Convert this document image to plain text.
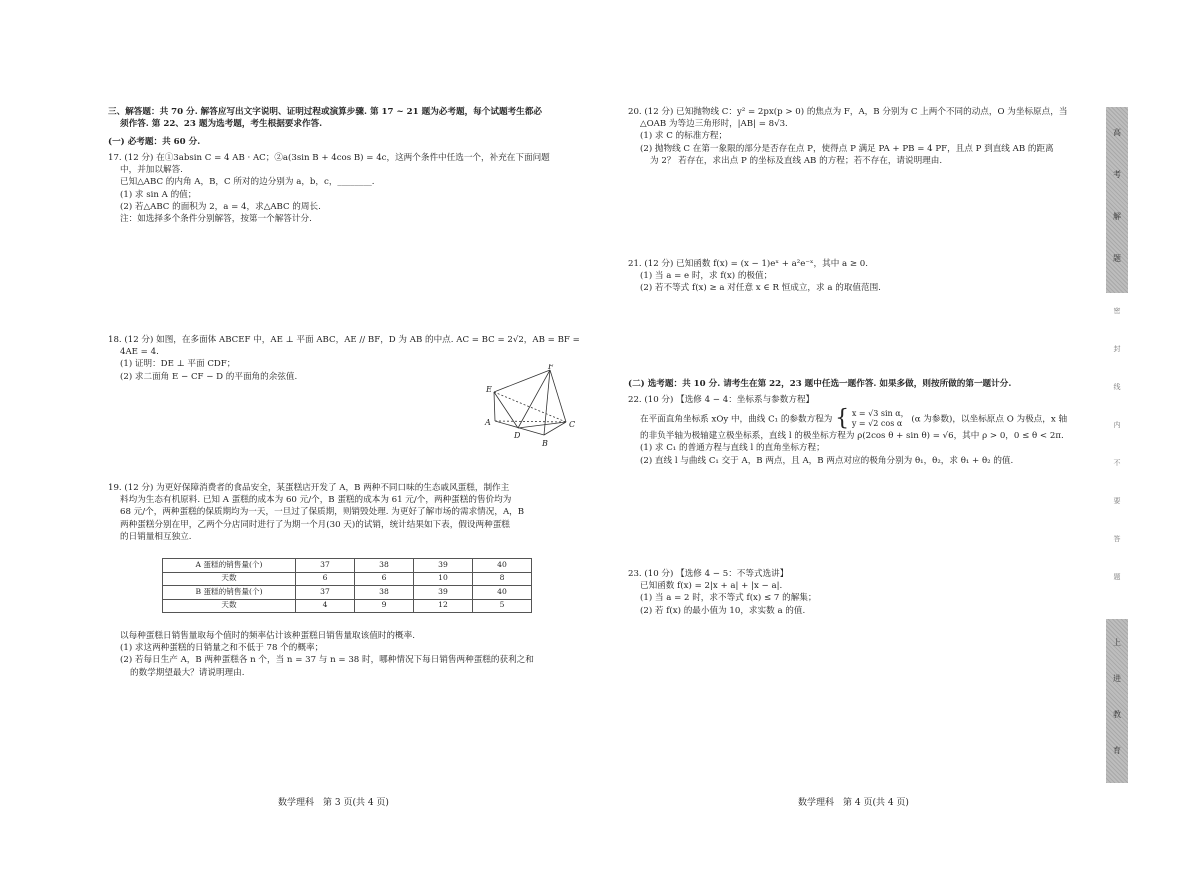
三、解答题：共 70 分. 解答应写出文字说明、证明过程或演算步骤. 第 17 ~ 21 题为必考题，每个试题考生都必
须作答. 第 22、23 题为选考题，考生根据要求作答.
(一) 必考题：共 60 分.
17. (12 分) 在①3absin C = 4 AB · AC；②a(3sin B + 4cos B) = 4c，这两个条件中任选一个，补充在下面问题
中，并加以解答.
已知△ABC 的内角 A，B，C 所对的边分别为 a，b，c，________.
(1) 求 sin A 的值；
(2) 若△ABC 的面积为 2，a = 4，求△ABC 的周长.
注：如选择多个条件分别解答，按第一个解答计分.
18. (12 分) 如图，在多面体 ABCEF 中，AE ⊥ 平面 ABC，AE // BF，D 为 AB 的中点. AC = BC = 2√2，AB = BF =
4AE = 4.
(1) 证明：DE ⊥ 平面 CDF；
(2) 求二面角 E − CF − D 的平面角的余弦值.
E
F
A
D
B
C
19. (12 分) 为更好保障消费者的食品安全，某蛋糕店开发了 A，B 两种不同口味的生态戚风蛋糕，制作主
料均为生态有机原料. 已知 A 蛋糕的成本为 60 元/个，B 蛋糕的成本为 61 元/个，两种蛋糕的售价均为
68 元/个，两种蛋糕的保质期均为一天，一旦过了保质期，则销毁处理. 为更好了解市场的需求情况，A，B
两种蛋糕分别在甲，乙两个分店同时进行了为期一个月(30 天)的试销，统计结果如下表，假设两种蛋糕
的日销量相互独立.
A 蛋糕的销售量(个)	37	38	39	40
天数	6	6	10	8
B 蛋糕的销售量(个)	37	38	39	40
天数	4	9	12	5
以每种蛋糕日销售量取每个值时的频率估计该种蛋糕日销售量取该值时的概率.
(1) 求这两种蛋糕的日销量之和不低于 78 个的概率；
(2) 若每日生产 A，B 两种蛋糕各 n 个，当 n = 37 与 n = 38 时，哪种情况下每日销售两种蛋糕的获利之和
的数学期望最大？请说明理由.
数学理科　第 3 页(共 4 页)
20. (12 分) 已知抛物线 C：y² = 2px(p > 0) 的焦点为 F，A，B 分别为 C 上两个不同的动点，O 为坐标原点，当
△OAB 为等边三角形时，|AB| = 8√3.
(1) 求 C 的标准方程；
(2) 抛物线 C 在第一象限的部分是否存在点 P，使得点 P 满足 PA + PB = 4 PF，且点 P 到直线 AB 的距离
为 2？ 若存在，求出点 P 的坐标及直线 AB 的方程；若不存在，请说明理由.
21. (12 分) 已知函数 f(x) = (x − 1)eˣ + a²e⁻ˣ，其中 a ≥ 0.
(1) 当 a = e 时，求 f(x) 的极值；
(2) 若不等式 f(x) ≥ a 对任意 x ∈ R 恒成立，求 a 的取值范围.
(二) 选考题：共 10 分. 请考生在第 22，23 题中任选一题作答. 如果多做，则按所做的第一题计分.
22. (10 分) 【选修 4 − 4：坐标系与参数方程】
在平面直角坐标系 xOy 中，曲线 C₁ 的参数方程为 { x = √3 sin α，
y = √2 cos α (α 为参数)，以坐标原点 O 为极点，x 轴
的非负半轴为极轴建立极坐标系，直线 l 的极坐标方程为 ρ(2cos θ + sin θ) = √6，其中 ρ > 0，0 ≤ θ < 2π.
(1) 求 C₁ 的普通方程与直线 l 的直角坐标方程；
(2) 直线 l 与曲线 C₁ 交于 A，B 两点，且 A，B 两点对应的极角分别为 θ₁，θ₂，求 θ₁ + θ₂ 的值.
23. (10 分) 【选修 4 − 5：不等式选讲】
已知函数 f(x) = 2|x + a| + |x − a|.
(1) 当 a = 2 时，求不等式 f(x) ≤ 7 的解集；
(2) 若 f(x) 的最小值为 10，求实数 a 的值.
数学理科　第 4 页(共 4 页)
高
考
解
题
密
封
线
内
不
要
答
题
上
进
教
育
